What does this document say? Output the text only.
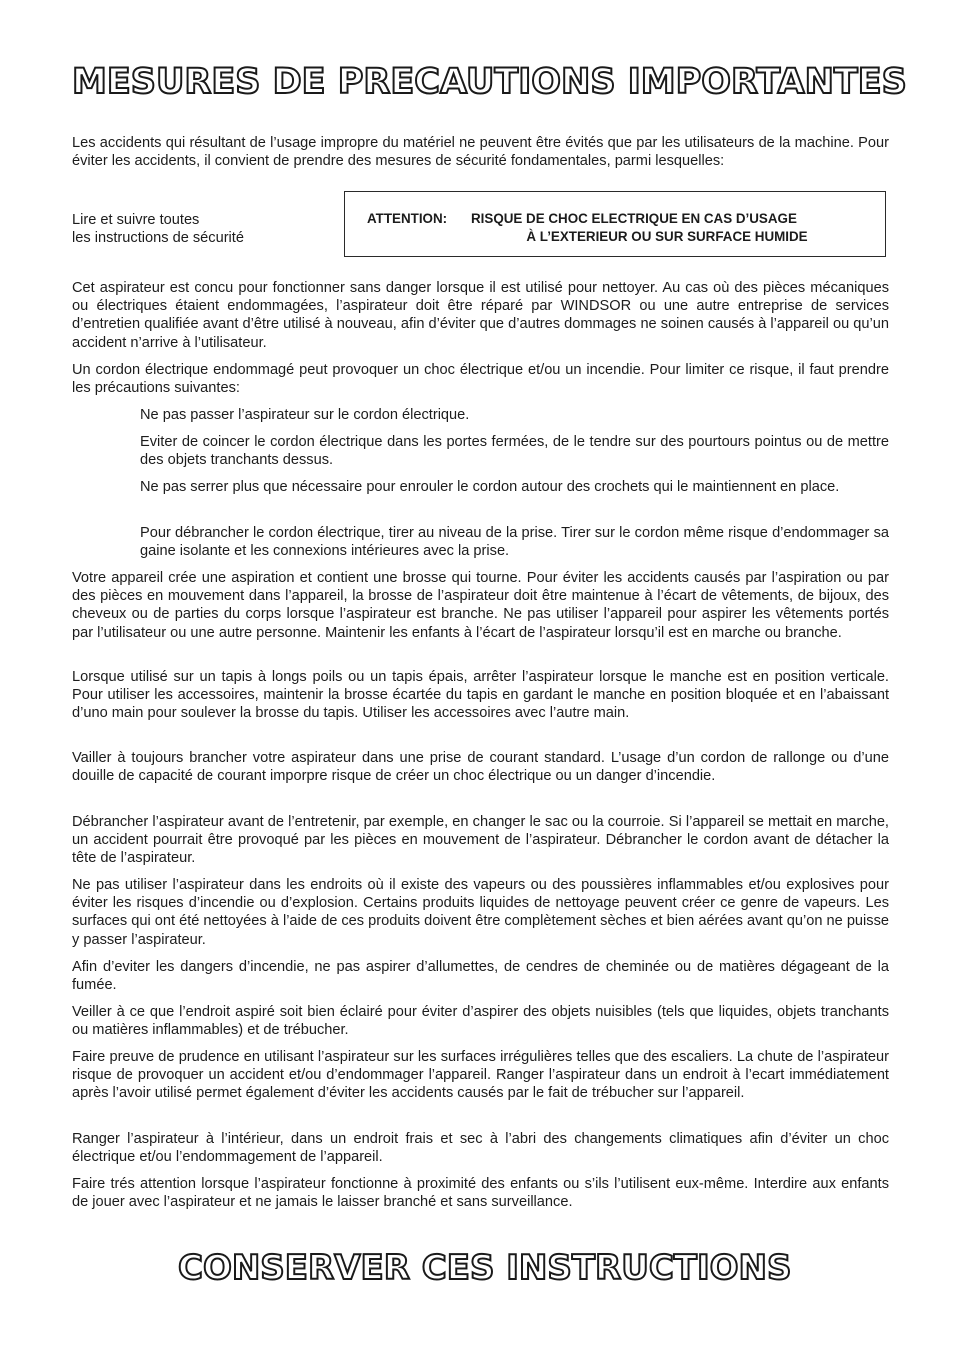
MESURES DE PRECAUTIONS IMPORTANTES

Les accidents qui résultant de l’usage impropre du matériel ne peuvent être évités que par les utilisateurs de la machine. Pour éviter les accidents, il convient de prendre des mesures de sécurité fondamentales, parmi lesquelles:

Lire et suivre toutes
les instructions de sécurité

ATTENTION: RISQUE DE CHOC ELECTRIQUE EN CAS D’USAGE
À L’EXTERIEUR OU SUR SURFACE HUMIDE

Cet aspirateur est concu pour fonctionner sans danger lorsque il est utilisé pour nettoyer. Au cas où des pièces mécaniques ou électriques étaient endommagées, l’aspirateur doit être réparé par WINDSOR ou une autre entreprise de services d’entretien qualifiée avant d’être utilisé à nouveau, afin d’éviter que d’autres dommages ne soinen causés à l’appareil ou qu’un accident n’arrive à l’utilisateur.

Un cordon électrique endommagé peut provoquer un choc électrique et/ou un incendie. Pour limiter ce risque, il faut prendre les précautions suivantes:

Ne pas passer l’aspirateur sur le cordon électrique.

Eviter de coincer le cordon électrique dans les portes fermées, de le tendre sur des pourtours pointus ou de mettre des objets tranchants dessus.

Ne pas serrer plus que nécessaire pour enrouler le cordon autour des crochets qui le maintiennent en place.

Pour débrancher le cordon électrique, tirer au niveau de la prise. Tirer sur le cordon même risque d’endommager sa gaine isolante et les connexions intérieures avec la prise.

Votre appareil crée une aspiration et contient une brosse qui tourne. Pour éviter les accidents causés par l’aspiration ou par des pièces en mouvement dans l’appareil, la brosse de l’aspirateur doit être maintenue à l’écart de vêtements, de bijoux, des cheveux ou de parties du corps lorsque l’aspirateur est branche. Ne pas utiliser l’appareil pour aspirer les vêtements portés par l’utilisateur ou une autre personne. Maintenir les enfants à l’écart de l’aspirateur lorsqu’il est en marche ou branche.

Lorsque utilisé sur un tapis à longs poils ou un tapis épais, arrêter l’aspirateur lorsque le manche est en position verticale. Pour utiliser les accessoires, maintenir la brosse écartée du tapis en gardant le manche en position bloquée et en l’abaissant d’uno main pour soulever la brosse du tapis. Utiliser les accessoires avec l’autre main.

Vailler à toujours brancher votre aspirateur dans une prise de courant standard. L’usage d’un cordon de rallonge ou d’une douille de capacité de courant imporpre risque de créer un choc électrique ou un danger d’incendie.

Débrancher l’aspirateur avant de l’entretenir, par exemple, en changer le sac ou la courroie. Si l’appareil se mettait en marche, un accident pourrait être provoqué par les pièces en mouvement de l’aspirateur. Débrancher le cordon avant de détacher la tête de l’aspirateur.

Ne pas utiliser l’aspirateur dans les endroits où il existe des vapeurs ou des poussières inflammables et/ou explosives pour éviter les risques d’incendie ou d’explosion. Certains produits liquides de nettoyage peuvent créer ce genre de vapeurs. Les surfaces qui ont été nettoyées à l’aide de ces produits doivent être complètement sèches et bien aérées avant qu’on ne puisse y passer l’aspirateur.

Afin d’eviter les dangers d’incendie, ne pas aspirer d’allumettes, de cendres de cheminée ou de matières dégageant de la fumée.

Veiller à ce que l’endroit aspiré soit bien éclairé pour éviter d’aspirer des objets nuisibles (tels que liquides, objets tranchants ou matières inflammables) et de trébucher.

Faire preuve de prudence en utilisant l’aspirateur sur les surfaces irrégulières telles que des escaliers. La chute de l’aspirateur risque de provoquer un accident et/ou d’endommager l’appareil. Ranger l’aspirateur dans un endroit à l’ecart immédiatement après l’avoir utilisé permet également d’éviter les accidents causés par le fait de trébucher sur l’appareil.

Ranger l’aspirateur à l’intérieur, dans un endroit frais et sec à l’abri des changements climatiques afin d’éviter un choc électrique et/ou l’endommagement de l’appareil.

Faire trés attention lorsque l’aspirateur fonctionne à proximité des enfants ou s’ils l’utilisent eux-même. Interdire aux enfants de jouer avec l’aspirateur et ne jamais le laisser branché et sans surveillance.

CONSERVER CES INSTRUCTIONS
